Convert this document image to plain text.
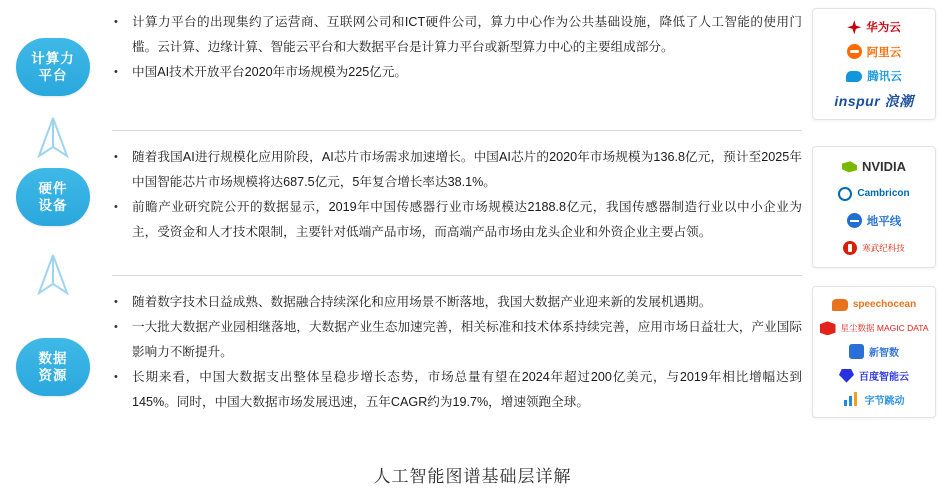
计算力
平台
硬件
设备
数据
资源
•	计算力平台的出现集约了运营商、互联网公司和ICT硬件公司，算力中心作为公共基础设施，降低了人工智能的使用门槛。云计算、边缘计算、智能云平台和大数据平台是计算力平台或新型算力中心的主要组成部分。
•	中国AI技术开放平台2020年市场规模为225亿元。
•	随着我国AI进行规模化应用阶段，AI芯片市场需求加速增长。中国AI芯片的2020年市场规模为136.8亿元，预计至2025年中国智能芯片市场规模将达687.5亿元，5年复合增长率达38.1%。
•	前瞻产业研究院公开的数据显示，2019年中国传感器行业市场规模达2188.8亿元，我国传感器制造行业以中小企业为主，受资金和人才技术限制，主要针对低端产品市场，而高端产品市场由龙头企业和外资企业主要占领。
•	随着数字技术日益成熟、数据融合持续深化和应用场景不断落地，我国大数据产业迎来新的发展机遇期。
•	一大批大数据产业园相继落地，大数据产业生态加速完善，相关标准和技术体系持续完善，应用市场日益壮大，产业国际影响力不断提升。
•	长期来看，中国大数据支出整体呈稳步增长态势，市场总量有望在2024年超过200亿美元，与2019年相比增幅达到145%。同时，中国大数据市场发展迅速，五年CAGR约为19.7%，增速领跑全球。
华为云
阿里云
腾讯云
inspur 浪潮
NVIDIA
Cambricon
地平线
寒武纪科技
speechocean
星尘数据 MAGIC DATA
新智数
百度智能云
字节跳动
人工智能图谱基础层详解
